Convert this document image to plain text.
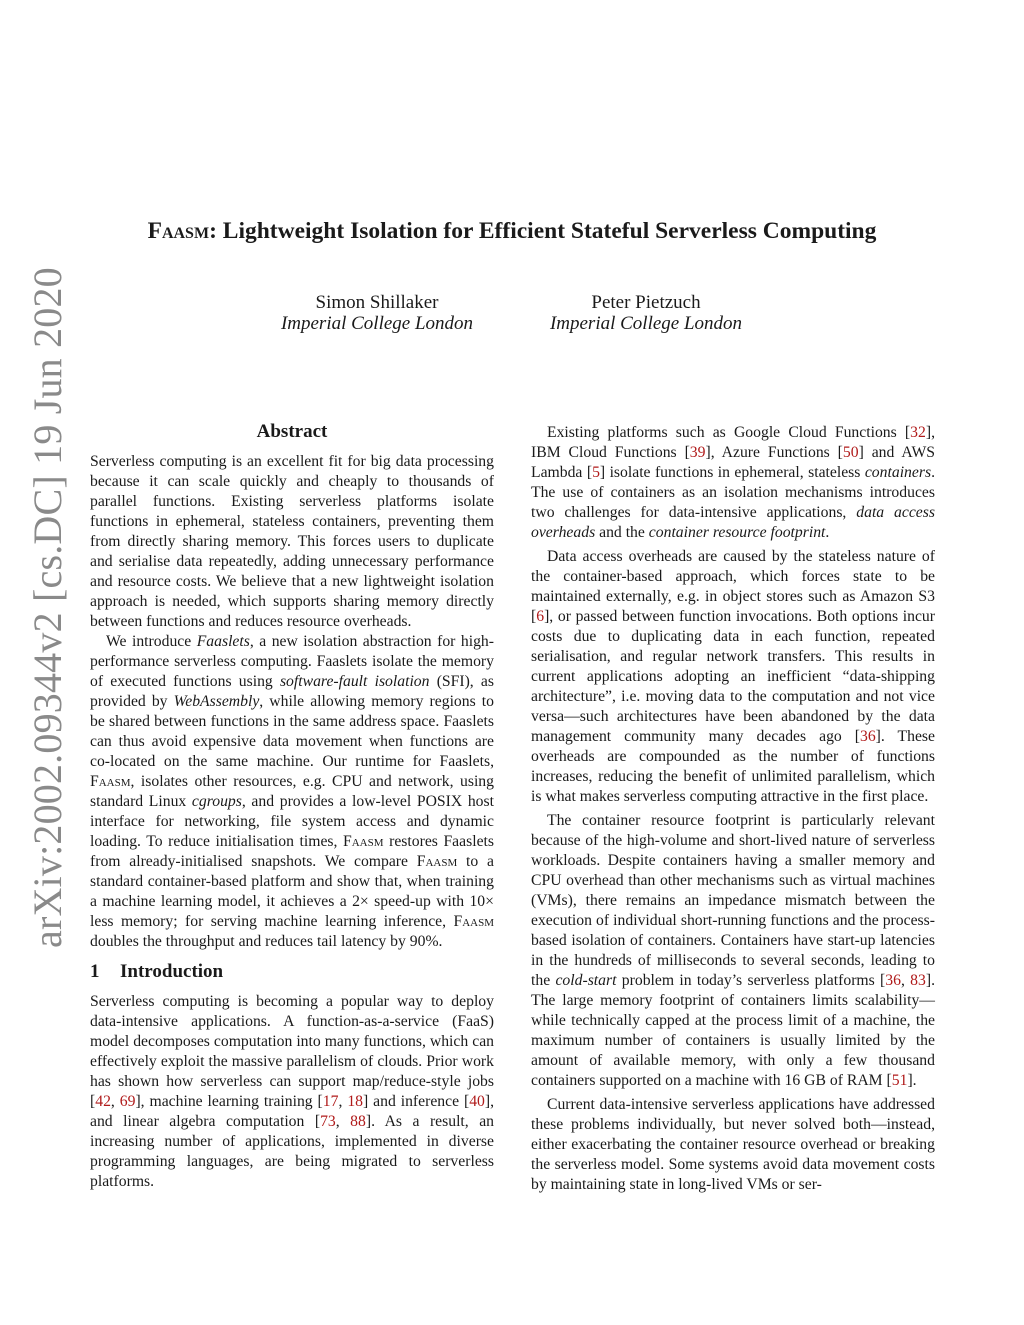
arXiv:2002.09344v2 [cs.DC] 19 Jun 2020
Faasm: Lightweight Isolation for Efficient Stateful Serverless Computing
Simon Shillaker
Imperial College London
Peter Pietzuch
Imperial College London
Abstract

Serverless computing is an excellent fit for big data processing because it can scale quickly and cheaply to thousands of parallel functions. Existing serverless platforms isolate functions in ephemeral, stateless containers, preventing them from directly sharing memory. This forces users to duplicate and serialise data repeatedly, adding unnecessary performance and resource costs. We believe that a new lightweight isolation approach is needed, which supports sharing memory directly between functions and reduces resource overheads.

We introduce Faaslets, a new isolation abstraction for high-performance serverless computing. Faaslets isolate the memory of executed functions using software-fault isolation (SFI), as provided by WebAssembly, while allowing memory regions to be shared between functions in the same address space. Faaslets can thus avoid expensive data movement when functions are co-located on the same machine. Our runtime for Faaslets, Faasm, isolates other resources, e.g. CPU and network, using standard Linux cgroups, and provides a low-level POSIX host interface for networking, file system access and dynamic loading. To reduce initialisation times, Faasm restores Faaslets from already-initialised snapshots. We compare Faasm to a standard container-based platform and show that, when training a machine learning model, it achieves a 2× speed-up with 10× less memory; for serving machine learning inference, Faasm doubles the throughput and reduces tail latency by 90%.

1 Introduction

Serverless computing is becoming a popular way to deploy data-intensive applications. A function-as-a-service (FaaS) model decomposes computation into many functions, which can effectively exploit the massive parallelism of clouds. Prior work has shown how serverless can support map/reduce-style jobs [42, 69], machine learning training [17, 18] and inference [40], and linear algebra computation [73, 88]. As a result, an increasing number of applications, implemented in diverse programming languages, are being migrated to serverless platforms.

Existing platforms such as Google Cloud Functions [32], IBM Cloud Functions [39], Azure Functions [50] and AWS Lambda [5] isolate functions in ephemeral, stateless containers. The use of containers as an isolation mechanisms introduces two challenges for data-intensive applications, data access overheads and the container resource footprint.

Data access overheads are caused by the stateless nature of the container-based approach, which forces state to be maintained externally, e.g. in object stores such as Amazon S3 [6], or passed between function invocations. Both options incur costs due to duplicating data in each function, repeated serialisation, and regular network transfers. This results in current applications adopting an inefficient “data-shipping architecture”, i.e. moving data to the computation and not vice versa—such architectures have been abandoned by the data management community many decades ago [36]. These overheads are compounded as the number of functions increases, reducing the benefit of unlimited parallelism, which is what makes serverless computing attractive in the first place.

The container resource footprint is particularly relevant because of the high-volume and short-lived nature of serverless workloads. Despite containers having a smaller memory and CPU overhead than other mechanisms such as virtual machines (VMs), there remains an impedance mismatch between the execution of individual short-running functions and the process-based isolation of containers. Containers have start-up latencies in the hundreds of milliseconds to several seconds, leading to the cold-start problem in today’s serverless platforms [36, 83]. The large memory footprint of containers limits scalability—while technically capped at the process limit of a machine, the maximum number of containers is usually limited by the amount of available memory, with only a few thousand containers supported on a machine with 16 GB of RAM [51].

Current data-intensive serverless applications have addressed these problems individually, but never solved both—instead, either exacerbating the container resource overhead or breaking the serverless model. Some systems avoid data movement costs by maintaining state in long-lived VMs or ser-
